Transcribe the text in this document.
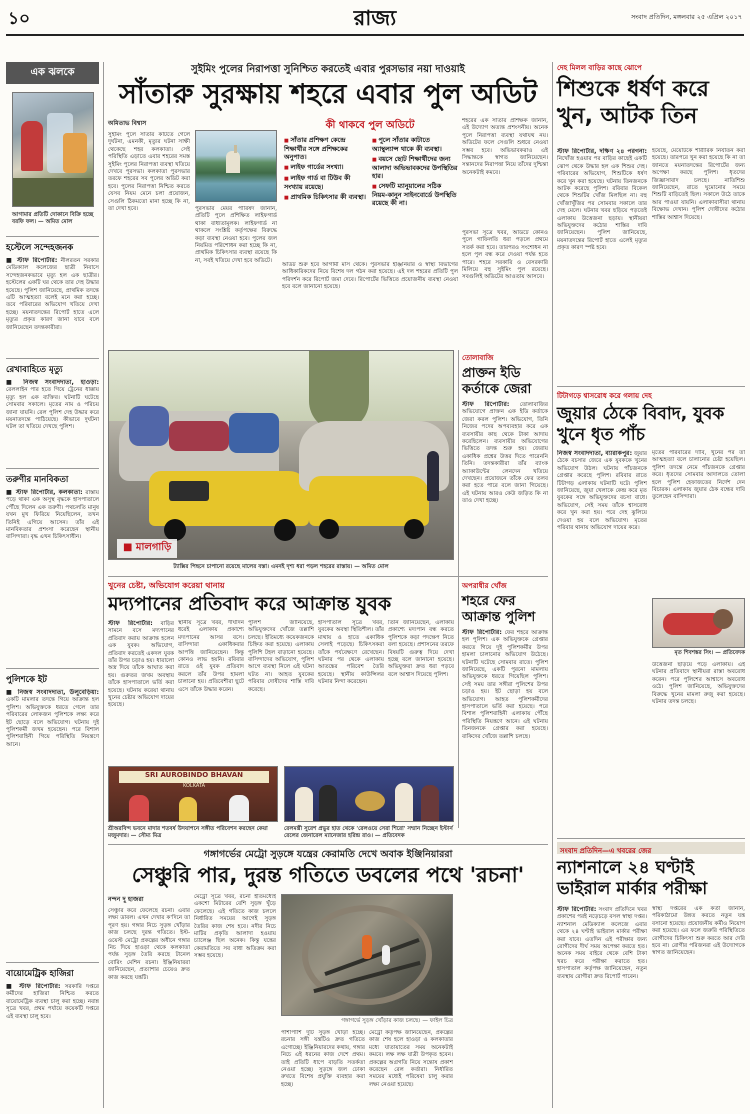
১০	রাজ্য	সংবাদ প্রতিদিন, মঙ্গলবার ২৫ এপ্রিল ২০১৭
এক ঝলকে
আগামার প্রতিটি দোকানে বিক্রি হচ্ছে বরফি ফল। — অমিত মোল
হস্টেলে সন্দেহজনক
■ স্টাফ রিপোর্টার: নীলরতন সরকার মেডিক্যাল কলেজের ছাত্রী নিবাসে সন্দেহজনকভাবে মৃত্যু হল এক ছাত্রীর। হস্টেলের একটি ঘর থেকে তার দেহ উদ্ধার হয়েছে। পুলিশ জানিয়েছে, প্রাথমিক তদন্তে এটি আত্মহত্যা বলেই মনে করা হচ্ছে। তবে পরিবারের অভিযোগ খতিয়ে দেখা হচ্ছে। ময়নাতদন্তের রিপোর্ট হাতে এলে মৃত্যুর প্রকৃত কারণ জানা যাবে বলে জানিয়েছেন তদন্তকারীরা।
রেখাবাহিতে মৃত্যু
■ নিজস্ব সংবাদদাতা, হাওড়া: রেললাইন পার হতে গিয়ে ট্রেনের ধাক্কায় মৃত্যু হল এক ব্যক্তির। ঘটনাটি ঘটেছে সোমবার সকালে। মৃতের নাম ও পরিচয় জানা যায়নি। রেল পুলিশ দেহ উদ্ধার করে ময়নাতদন্তে পাঠিয়েছে। কীভাবে দুর্ঘটনা ঘটল তা খতিয়ে দেখছে পুলিশ।
তরুণীর মানবিকতা
■ স্টাফ রিপোর্টার, কলকাতা: রাস্তায় পড়ে থাকা এক অসুস্থ বৃদ্ধকে হাসপাতালে পৌঁছে দিলেন এক তরুণী। পথচলতি মানুষ যখন মুখ ফিরিয়ে নিয়েছিলেন, তখন তিনিই এগিয়ে আসেন। তাঁর এই মানবিকতার প্রশংসা করেছেন স্থানীয় বাসিন্দারা। বৃদ্ধ এখন চিকিৎসাধীন।
পুলিশকে ইট
■ নিজস্ব সংবাদদাতা, উলুবেড়িয়া: একটি মামলার তদন্তে গিয়ে আক্রান্ত হল পুলিশ। অভিযুক্তকে ধরতে গেলে তার পরিবারের লোকজন পুলিশকে লক্ষ্য করে ইট ছোড়ে বলে অভিযোগ। ঘটনায় দুই পুলিশকর্মী জখম হয়েছেন। পরে বিশাল পুলিশবাহিনী গিয়ে পরিস্থিতি নিয়ন্ত্রণে আনে।
বায়োমেট্রিক হাজিরা
■ স্টাফ রিপোর্টার: সরকারি দপ্তরে কর্মীদের হাজিরা নিশ্চিত করতে বায়োমেট্রিক ব্যবস্থা চালু করা হচ্ছে। নবান্ন সূত্রে খবর, প্রথম পর্যায়ে কয়েকটি দপ্তরে এই ব্যবস্থা চালু হবে।
সুইমিং পুলের নিরাপত্তা সুনিশ্চিত করতেই এবার পুরসভার নয়া দাওয়াই
সাঁতারু সুরক্ষায় শহরে এবার পুল অডিট
অমিতাভ বিশ্বাস
সুইমিং পুলে সাঁতার কাটতে গেলে দুর্ঘটনা, এমনকী, মৃত্যুর ঘটনা সাক্ষী থেকেছে শহর কলকাতা। সেই পরিস্থিতি এড়াতে এবার শহরের সমস্ত সুইমিং পুলের নিরাপত্তা ব্যবস্থা খতিয়ে দেখবে পুরসভা। কলকাতা পুরসভার তরফে শহরের সব পুলের অডিট করা হবে। পুলের নিরাপত্তা নিশ্চিত করতে যেসব নিয়ম মেনে চলা প্রয়োজন, সেগুলি ঠিকমতো মানা হচ্ছে কি না, তা দেখা হবে।	পুরসভার মেয়র পারিষদ জানান, প্রতিটি পুলে প্রশিক্ষিত লাইফগার্ড থাকা বাধ্যতামূলক। লাইফগার্ড না থাকলে সংশ্লিষ্ট কর্তৃপক্ষের বিরুদ্ধে কড়া ব্যবস্থা নেওয়া হবে। পুলের জল নিয়মিত পরিশোধন করা হচ্ছে কি না, প্রাথমিক চিকিৎসার ব্যবস্থা রয়েছে কি না, সবই খতিয়ে দেখা হবে অডিটে।
কী থাকবে পুল অডিটে
■ সাঁতার প্রশিক্ষণ কেন্দ্রে শিক্ষার্থীর সঙ্গে প্রশিক্ষকের অনুপাত।
■ লাইফ গার্ডের সংখ্যা।
■ লাইফ গার্ড বা টিউব কী সংখ্যায় রয়েছে।
■ প্রাথমিক চিকিৎসার কী ব্যবস্থা।
■ পুলে সাঁতার কাটাতে অ্যাম্বুল্যান্স থাকে কী ব্যবস্থা।
■ বয়সে ছোট শিক্ষার্থীদের জন্য আলাদা অভিভাবকদের উপস্থিতির হার।
■ সেফটি ম্যানুয়ালের সঠিক নিয়ম-কানুন সাইনবোর্ডে উপস্থিতি রয়েছে কী না।
অডিট শুরু হবে আগামী মাস থেকে। পুরসভার ইঞ্জিনিয়ার ও স্বাস্থ্য বিভাগের আধিকারিকদের নিয়ে বিশেষ দল গঠন করা হয়েছে। এই দল শহরের প্রতিটি পুল পরিদর্শন করে রিপোর্ট জমা দেবে। রিপোর্টের ভিত্তিতে প্রয়োজনীয় ব্যবস্থা নেওয়া হবে বলে জানানো হয়েছে।
শহরের এক সাঁতার প্রশিক্ষক জানান, এই উদ্যোগ অত্যন্ত প্রশংসনীয়। অনেক পুলে নিরাপত্তা ব্যবস্থা যথাযথ নয়। অডিটের ফলে সেগুলি শুধরে নেওয়া সম্ভব হবে। অভিভাবকরাও এই সিদ্ধান্তকে স্বাগত জানিয়েছেন। সন্তানদের নিরাপত্তা নিয়ে তাঁদের দুশ্চিন্তা অনেকটাই কমবে।
পুরসভা সূত্রে খবর, অডিটে কোনও পুলে গাফিলতি ধরা পড়লে প্রথমে সতর্ক করা হবে। তারপরও সংশোধন না হলে পুল বন্ধ করে দেওয়া পর্যন্ত হতে পারে। শহরে সরকারি ও বেসরকারি মিলিয়ে বহু সুইমিং পুল রয়েছে। সবগুলিই অডিটের আওতায় আসবে।
■ মালগাড়ি
ট্যাক্সির পিছনে চাপানো রয়েছে মালের বস্তা। এমনই দৃশ্য ধরা পড়ল শহরের রাস্তায়। — অমিত মোল
তোলাবাজি
প্রাক্তন ইডি কর্তাকে জেরা
স্টাফ রিপোর্টার: তোলাবাজির অভিযোগে প্রাক্তন এক ইডি কর্তাকে জেরা করল পুলিশ। অভিযোগ, তিনি নিজের পদের অপব্যবহার করে এক ব্যবসায়ীর কাছ থেকে টাকা আদায় করেছিলেন। ব্যবসায়ীর অভিযোগের ভিত্তিতে তদন্ত শুরু হয়। জেরায় একাধিক প্রশ্নের উত্তর দিতে পারেননি তিনি। তদন্তকারীরা তাঁর ব্যাংক অ্যাকাউন্টের লেনদেন খতিয়ে দেখছেন। প্রয়োজনে তাঁকে ফের তলব করা হতে পারে বলে জানা গিয়েছে। এই ঘটনায় আরও কেউ জড়িত কি না তাও দেখা হচ্ছে।
খুনের চেষ্টা, অভিযোগ করেয়া থানায়
মদ্যপানের প্রতিবাদ করে আক্রান্ত যুবক
স্টাফ রিপোর্টার: বাড়ির সামনে বসে মদ্যপানের প্রতিবাদ করায় আক্রান্ত হলেন এক যুবক। অভিযোগ, প্রতিবাদ করতেই একদল যুবক তাঁর উপর চড়াও হয়। ধারালো অস্ত্র দিয়ে তাঁকে আঘাত করা হয়। গুরুতর জখম অবস্থায় তাঁকে হাসপাতালে ভর্তি করা হয়েছে। ঘটনায় করেয়া থানায় খুনের চেষ্টার অভিযোগ দায়ের হয়েছে।
স্থানীয় সূত্রে খবর, দীর্ঘদিন ধরেই এলাকায় প্রকাশ্যে মদ্যপানের আসর বসে। বাসিন্দারা একাধিকবার আপত্তি জানিয়েছেন। কিন্তু কোনও লাভ হয়নি। রবিবার রাতে ওই যুবক প্রতিবাদ করলে তাঁর উপর হামলা চালানো হয়। প্রতিবেশীরা ছুটে এসে তাঁকে উদ্ধার করেন।
পুলিশ জানিয়েছে, অভিযুক্তদের খোঁজে তল্লাশি চলছে। ইতিমধ্যে কয়েকজনকে চিহ্নিত করা হয়েছে। এলাকায় পুলিশি টহল বাড়ানো হয়েছে। বাসিন্দাদের অভিযোগ, পুলিশ আগে ব্যবস্থা নিলে এই ঘটনা ঘটত না। আহত যুবকের পরিবার দোষীদের শাস্তি দাবি করেছে।
হাসপাতাল সূত্রে খবর, যুবকের অবস্থা স্থিতিশীল। তাঁর মাথায় ও হাতে একাধিক সেলাই পড়েছে। চিকিৎসকরা তাঁকে পর্যবেক্ষণে রেখেছেন। ঘটনার পর থেকে এলাকায় আতঙ্কের পরিবেশ তৈরি হয়েছে। স্থানীয় কাউন্সিলর ঘটনার নিন্দা করেছেন।
তিনি জানিয়েছেন, এলাকায় প্রকাশ্যে মদ্যপান বন্ধ করতে পুলিশকে কড়া পদক্ষেপ নিতে বলা হয়েছে। প্রশাসনের তরফে বিষয়টি গুরুত্ব দিয়ে দেখা হচ্ছে বলে জানানো হয়েছে। অভিযুক্তরা দ্রুত ধরা পড়বে বলে আশ্বাস দিয়েছে পুলিশ।
অপরাধীর খোঁজ
শহরে ফের আক্রান্ত পুলিশ
স্টাফ রিপোর্টার: ফের শহরে আক্রান্ত হল পুলিশ। এক অভিযুক্তকে গ্রেপ্তার করতে গিয়ে দুই পুলিশকর্মীর উপর হামলা চালানোর অভিযোগ উঠেছে। ঘটনাটি ঘটেছে সোমবার রাতে। পুলিশ জানিয়েছে, একটি পুরনো মামলায় অভিযুক্তকে ধরতে গিয়েছিল পুলিশ। সেই সময় তার সঙ্গীরা পুলিশের উপর চড়াও হয়। ইট ছোড়া হয় বলে অভিযোগ। আহত পুলিশকর্মীদের হাসপাতালে ভর্তি করা হয়েছে। পরে বিশাল পুলিশবাহিনী এলাকায় পৌঁছে পরিস্থিতি নিয়ন্ত্রণে আনে। এই ঘটনায় তিনজনকে গ্রেপ্তার করা হয়েছে। বাকিদের খোঁজে তল্লাশি চলছে।
SRI AUROBINDO BHAVAN
KOLKATA
শ্রীঅরবিন্দ ভবনে মাদার শতবর্ষ উদযাপনে সঙ্গীত পরিবেশন করছেন কেয়া মজুমদার। — সৌম্য মিত্র
রেলমন্ত্রী সুরেশ প্রভুর হাত থেকে 'রেলওয়ে সেরা শিরো' সম্মান নিচ্ছেন ইস্টার্ন রেলের জেনারেল ম্যানেজার হরিন্দ্র রাও। — প্রতিবেদক
গঙ্গাগর্ভের মেট্রো সুড়ঙ্গে যন্ত্রের কেরামতি দেখে অবাক ইঞ্জিনিয়াররা
সেঞ্চুরি পার, দুরন্ত গতিতে ডবলের পথে 'রচনা'
নন্দন দু হাজরা
সেঞ্চুরি করে ফেলেছে রচনা। এবার লক্ষ্য ডাবল। এখন দেখার ক'দিনে তা পূরণ হয়। গঙ্গার নিচে সুড়ঙ্গ খোঁড়ার কাজ চলছে দুরন্ত গতিতে। ইস্ট-ওয়েস্ট মেট্রো প্রকল্পের অধীনে গঙ্গার নিচ দিয়ে হাওড়া থেকে কলকাতা পর্যন্ত সুড়ঙ্গ তৈরি করছে টানেল বোরিং মেশিন রচনা। ইঞ্জিনিয়াররা জানিয়েছেন, প্রত্যাশার চেয়েও দ্রুত কাজ করছে যন্ত্রটি।
মেট্রো সূত্রে খবর, রচনা ইতিমধ্যেই একশো মিটারের বেশি সুড়ঙ্গ খুঁড়ে ফেলেছে। এই গতিতে কাজ চললে নির্ধারিত সময়ের আগেই সুড়ঙ্গ তৈরির কাজ শেষ হবে। নদীর নিচে মাটির প্রকৃতি আলাদা হওয়ায় চ্যালেঞ্জ ছিল অনেক। কিন্তু যন্ত্রের কেরামতিতে সব বাধা অতিক্রম করা সম্ভব হয়েছে।
গঙ্গাগর্ভে সুড়ঙ্গ খোঁড়ার কাজ চলছে। — ফাইল চিত্র
পাশাপাশি দুটি সুড়ঙ্গ খোঁড়া হচ্ছে। রচনার সঙ্গী যন্ত্রটিও দ্রুত গতিতে এগোচ্ছে। ইঞ্জিনিয়ারদের কথায়, গঙ্গার নিচে এই ধরনের কাজ দেশে প্রথম। তাই প্রতিটি ধাপে বাড়তি সতর্কতা নেওয়া হচ্ছে। সুড়ঙ্গে জল ঢোকা রুখতে বিশেষ প্রযুক্তি ব্যবহার করা হচ্ছে।
মেট্রো কর্তৃপক্ষ জানিয়েছেন, প্রকল্পের কাজ শেষ হলে হাওড়া ও কলকাতার মধ্যে যাতায়াতের সময় অনেকটাই কমবে। লক্ষ লক্ষ যাত্রী উপকৃত হবেন। প্রকল্পের অগ্রগতি নিয়ে সন্তোষ প্রকাশ করেছেন রেল কর্তারা। নির্ধারিত সময়ের মধ্যেই পরিষেবা চালু করার লক্ষ্য নেওয়া হয়েছে।
দেহ মিলল বাড়ির কাছে ঝোপে
শিশুকে ধর্ষণ করে খুন, আটক তিন
স্টাফ রিপোর্টার, দক্ষিণ ২৪ পরগনা: নিখোঁজ হওয়ার পর বাড়ির কাছেই একটি ঝোপ থেকে উদ্ধার হল এক শিশুর দেহ। পরিবারের অভিযোগ, শিশুটিকে ধর্ষণ করে খুন করা হয়েছে। ঘটনায় তিনজনকে আটক করেছে পুলিশ। রবিবার বিকেল থেকে শিশুটির খোঁজ মিলছিল না। বহু খোঁজাখুঁজির পর সোমবার সকালে তার দেহ মেলে। ঘটনার খবর ছড়িয়ে পড়তেই এলাকায় উত্তেজনা ছড়ায়। স্থানীয়রা অভিযুক্তদের কঠোর শাস্তির দাবি জানিয়েছেন। পুলিশ জানিয়েছে, ময়নাতদন্তের রিপোর্ট হাতে এলেই মৃত্যুর প্রকৃত কারণ স্পষ্ট হবে।
হয়েছে, মেয়েটিকে শারীরিক নির্যাতন করা হয়েছে। তারপরে খুন করা হয়েছে কি না তা জানতে ময়নাতদন্তের রিপোর্টের জন্য অপেক্ষা করছে পুলিশ। ধৃতদের জিজ্ঞাসাবাদ চলছে। নাতিশিশু জানিয়েছেন, রাতে ঘুমোনোর সময়ে শিশুটি বাড়িতেই ছিল। সকালে উঠে তাকে আর পাওয়া যায়নি। এলাকাবাসীরা থানায় বিক্ষোভ দেখান। পুলিশ দোষীদের কঠোর শাস্তির আশ্বাস দিয়েছে।
টিটাগড়ে শ্বাসরোধ করে গলায় দেহ
জুয়ার ঠেকে বিবাদ, যুবক খুনে ধৃত পাঁচ
নিজস্ব সংবাদদাতা, ব্যারাকপুর: জুয়ার ঠেকে বচসার জেরে এক যুবককে খুনের অভিযোগ উঠল। ঘটনায় পাঁচজনকে গ্রেপ্তার করেছে পুলিশ। রবিবার রাতে টিটাগড় এলাকায় ঘটনাটি ঘটে। পুলিশ জানিয়েছে, জুয়া খেলাকে কেন্দ্র করে মৃত যুবকের সঙ্গে অভিযুক্তদের বচসা বাধে। অভিযোগ, সেই সময় তাঁকে শ্বাসরোধ করে খুন করা হয়। পরে দেহ ঝুলিয়ে দেওয়া হয় বলে অভিযোগ। মৃতের পরিবার থানায় অভিযোগ দায়ের করে।
মৃতের পরিবারের দাবি, খুনের পর তা আত্মহত্যা বলে চালানোর চেষ্টা হয়েছিল। পুলিশ তদন্তে নেমে পাঁচজনকে গ্রেপ্তার করে। ধৃতদের সোমবার আদালতে তোলা হলে পুলিশ হেফাজতের নির্দেশ দেন বিচারক। এলাকায় জুয়ার ঠেক বন্ধের দাবি তুলেছেন বাসিন্দারা।
মৃত শিবশঙ্কর সিং। — প্রতিবেদক
উত্তেজনা ছড়িয়ে পড়ে এলাকায়। এই ঘটনার প্রতিবাদে স্থানীয়রা রাস্তা অবরোধ করেন। পরে পুলিশের আশ্বাসে অবরোধ ওঠে। পুলিশ জানিয়েছে, অভিযুক্তদের বিরুদ্ধে খুনের মামলা রুজু করা হয়েছে। ঘটনার তদন্ত চলছে।
সংবাদ প্রতিদিন—এ খবরের জের
ন্যাশনালে ২৪ ঘণ্টাই ভাইরাল মার্কার পরীক্ষা
স্টাফ রিপোর্টার: সংবাদ প্রতিদিনে খবর প্রকাশের পরই নড়েচড়ে বসল স্বাস্থ্য দপ্তর। ন্যাশনাল মেডিক্যাল কলেজে এবার থেকে ২৪ ঘণ্টাই ভাইরাল মার্কার পরীক্ষা করা যাবে। এতদিন এই পরীক্ষার জন্য রোগীদের দীর্ঘ সময় অপেক্ষা করতে হত। অনেক সময় বাইরে থেকে বেশি টাকা খরচ করে পরীক্ষা করাতে হত। হাসপাতাল কর্তৃপক্ষ জানিয়েছেন, নতুন ব্যবস্থায় রোগীরা দ্রুত রিপোর্ট পাবেন।
স্বাস্থ্য দপ্তরের এক কর্তা জানান, পরিকাঠামো উন্নত করতে নতুন যন্ত্র বসানো হয়েছে। প্রয়োজনীয় কর্মীও নিয়োগ করা হয়েছে। এর ফলে জরুরি পরিস্থিতিতে রোগীদের চিকিৎসা শুরু করতে আর দেরি হবে না। রোগীর পরিজনরা এই উদ্যোগকে স্বাগত জানিয়েছেন।
